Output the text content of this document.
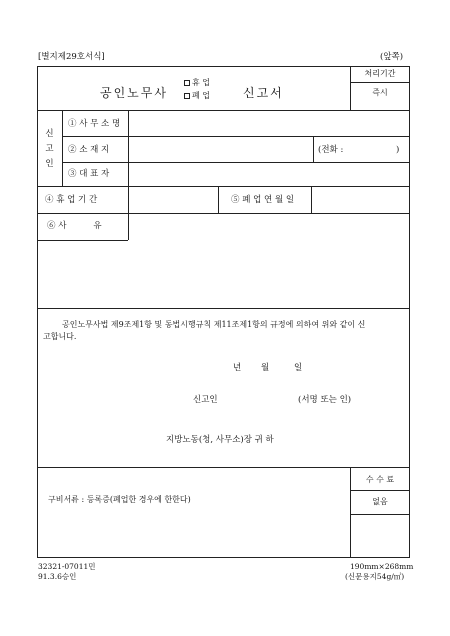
[별지제29호서식]	(앞쪽)
공인노무사
휴 업
폐 업	신고서
처리기간
즉시
신
고
인
① 사 무 소 명
② 소 재 지	(전화 :	)
③ 대 표 자
④ 휴 업 기 간	⑤ 폐 업 연 월 일
⑥ 사          유
공인노무사법 제9조제1항 및 동법시행규칙 제11조제1항의 규정에 의하여 위와 같이 신
고합니다.
년 월	일
신고인	(서명 또는 인)
지방노동(청, 사무소)장 귀 하
수 수 료
없음
구비서류 : 등록증(폐업한 경우에 한한다)
32321-07011민
91.3.6승인
190mm×268mm
(신문용지54g/㎡)
